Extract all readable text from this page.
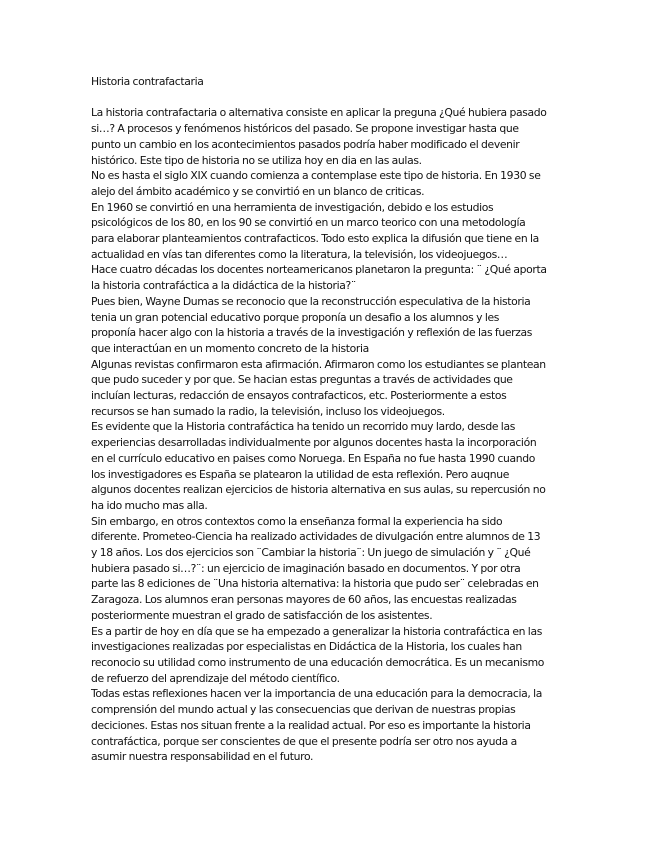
Historia contrafactaria

La historia contrafactaria o alternativa consiste en aplicar la preguna ¿Qué hubiera pasado
si…? A procesos y fenómenos históricos del pasado. Se propone investigar hasta que
punto un cambio en los acontecimientos pasados podría haber modificado el devenir
histórico. Este tipo de historia no se utiliza hoy en dia en las aulas.

No es hasta el siglo XIX cuando comienza a contemplase este tipo de historia. En 1930 se
alejo del ámbito académico y se convirtió en un blanco de criticas.

En 1960 se convirtió en una herramienta de investigación, debido e los estudios
psicológicos de los 80, en los 90 se convirtió en un marco teorico con una metodología
para elaborar planteamientos contrafacticos. Todo esto explica la difusión que tiene en la
actualidad en vías tan diferentes como la literatura, la televisión, los videojuegos…

Hace cuatro décadas los docentes norteamericanos planetaron la pregunta: ¨ ¿Qué aporta
la historia contrafáctica a la didáctica de la historia?¨

Pues bien, Wayne Dumas se reconocio que la reconstrucción especulativa de la historia
tenia un gran potencial educativo porque proponía un desafio a los alumnos y les
proponía hacer algo con la historia a través de la investigación y reflexión de las fuerzas
que interactúan en un momento concreto de la historia

Algunas revistas confirmaron esta afirmación. Afirmaron como los estudiantes se plantean
que pudo suceder y por que. Se hacian estas preguntas a través de actividades que
incluían lecturas, redacción de ensayos contrafacticos, etc. Posteriormente a estos
recursos se han sumado la radio, la televisión, incluso los videojuegos.

Es evidente que la Historia contrafáctica ha tenido un recorrido muy lardo, desde las
experiencias desarrolladas individualmente por algunos docentes hasta la incorporación
en el currículo educativo en paises como Noruega. En España no fue hasta 1990 cuando
los investigadores es España se platearon la utilidad de esta reflexión. Pero auqnue
algunos docentes realizan ejercicios de historia alternativa en sus aulas, su repercusión no
ha ido mucho mas alla.

Sin embargo, en otros contextos como la enseñanza formal la experiencia ha sido
diferente. Prometeo-Ciencia ha realizado actividades de divulgación entre alumnos de 13
y 18 años. Los dos ejercicios son ¨Cambiar la historia¨: Un juego de simulación y ¨ ¿Qué
hubiera pasado si…?¨: un ejercicio de imaginación basado en documentos. Y por otra
parte las 8 ediciones de ¨Una historia alternativa: la historia que pudo ser¨ celebradas en
Zaragoza. Los alumnos eran personas mayores de 60 años, las encuestas realizadas
posteriormente muestran el grado de satisfacción de los asistentes.

Es a partir de hoy en día que se ha empezado a generalizar la historia contrafáctica en las
investigaciones realizadas por especialistas en Didáctica de la Historia, los cuales han
reconocio su utilidad como instrumento de una educación democrática. Es un mecanismo
de refuerzo del aprendizaje del método científico.

Todas estas reflexiones hacen ver la importancia de una educación para la democracia, la
comprensión del mundo actual y las consecuencias que derivan de nuestras propias
deciciones. Estas nos situan frente a la realidad actual. Por eso es importante la historia
contrafáctica, porque ser conscientes de que el presente podría ser otro nos ayuda a
asumir nuestra responsabilidad en el futuro.
